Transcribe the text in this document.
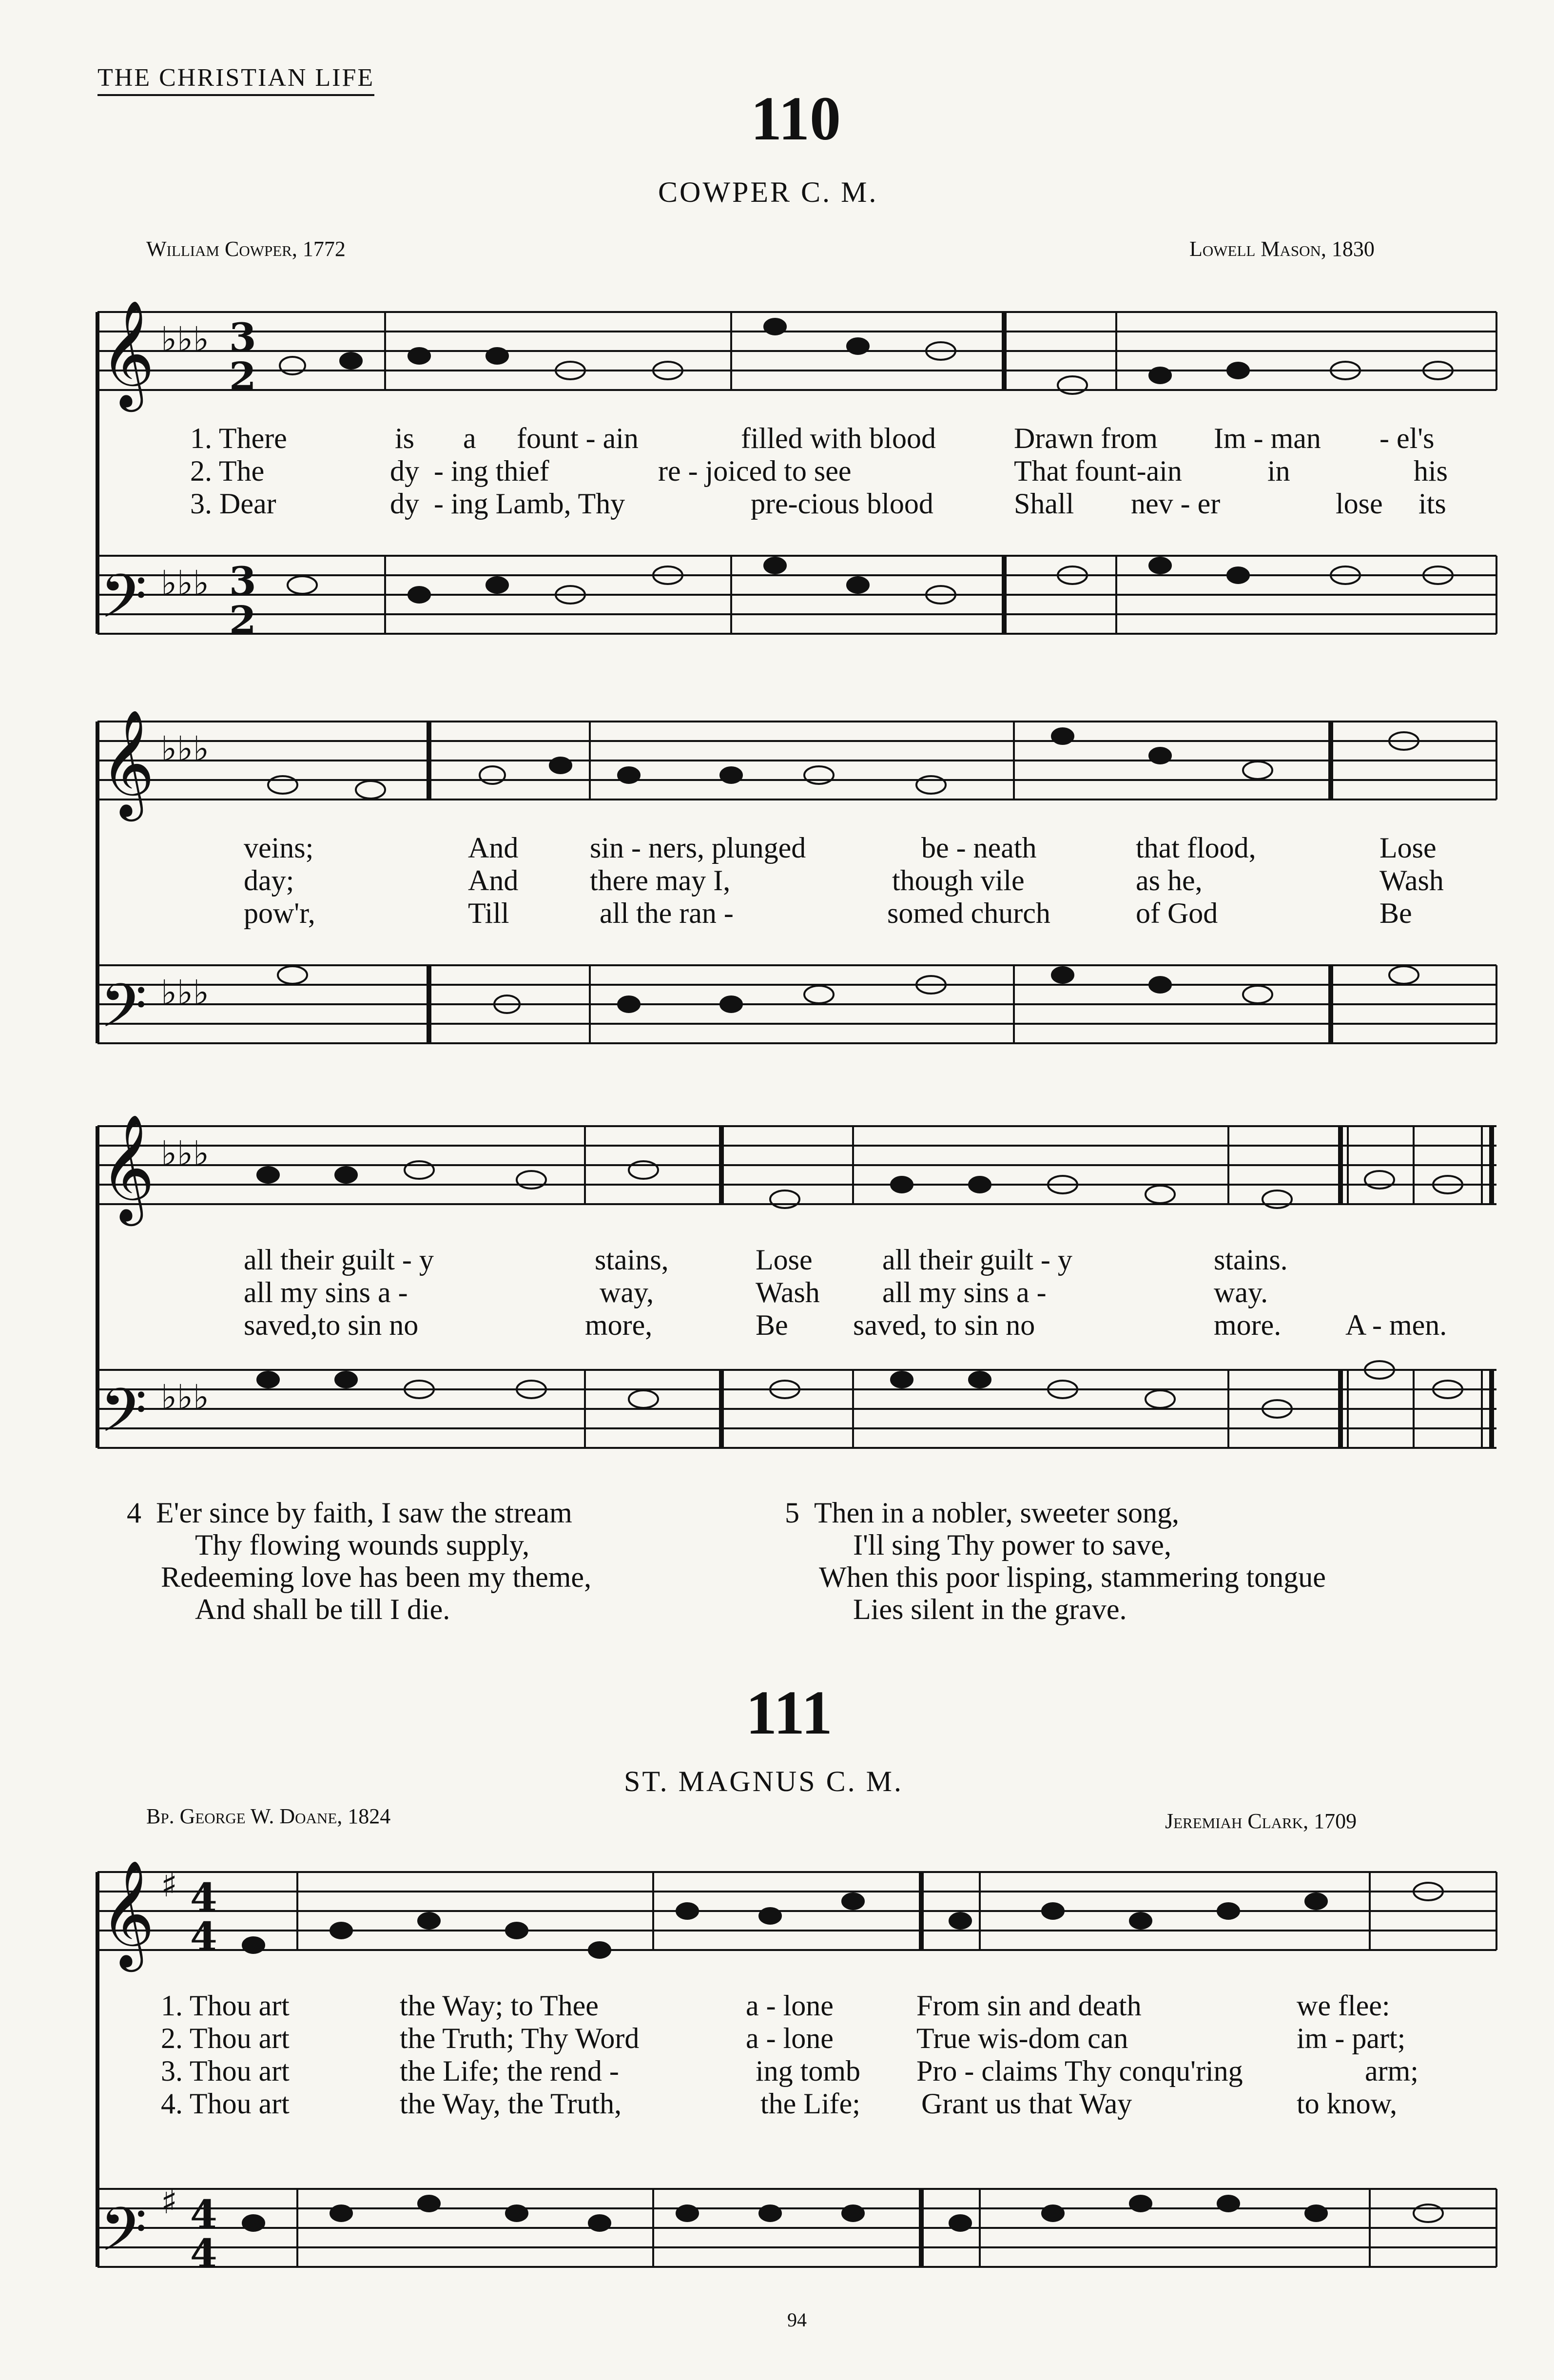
THE CHRISTIAN LIFE
110
COWPER C. M.
William Cowper, 1772	Lowell Mason, 1830
𝄞
𝄢
♭♭♭
♭♭♭
3
2
3
2
1. There	is a fount - ain	filled with blood	Drawn from Im - man - el's
2. The	dy - ing thief	re - joiced to see	That fount-ain	in	his
3. Dear	dy - ing Lamb, Thy	pre-cious blood	Shall nev - er	lose its
𝄞
𝄢
♭♭♭
♭♭♭
veins;	And sin - ners, plunged	be - neath	that flood,	Lose
day;	And there may I,	though vile	as he,	Wash
pow'r,	Till	all the ran -	somed church	of God	Be
𝄞
𝄢
♭♭♭
♭♭♭
all their guilt - y	stains,	Lose all their guilt - y	stains.
all my sins a -	way,	Wash all my sins a -	way.
saved,to sin no	more,	Be saved, to sin no	more. A - men.
4 E'er since by faith, I saw the stream
Thy flowing wounds supply,
Redeeming love has been my theme,
And shall be till I die.
5 Then in a nobler, sweeter song,
I'll sing Thy power to save,
When this poor lisping, stammering tongue
Lies silent in the grave.
111
ST. MAGNUS C. M.
Bp. George W. Doane, 1824	Jeremiah Clark, 1709
𝄞
𝄢
♯
♯
4
4
4
4
1. Thou art	the Way; to Thee	a - lone	From sin and death	we flee:
2. Thou art	the Truth; Thy Word	a - lone	True wis-dom can	im - part;
3. Thou art	the Life; the rend -	ing tomb Pro - claims Thy conqu'ring	arm;
4. Thou art	the Way, the Truth,	the Life; Grant us that Way	to know,
94
